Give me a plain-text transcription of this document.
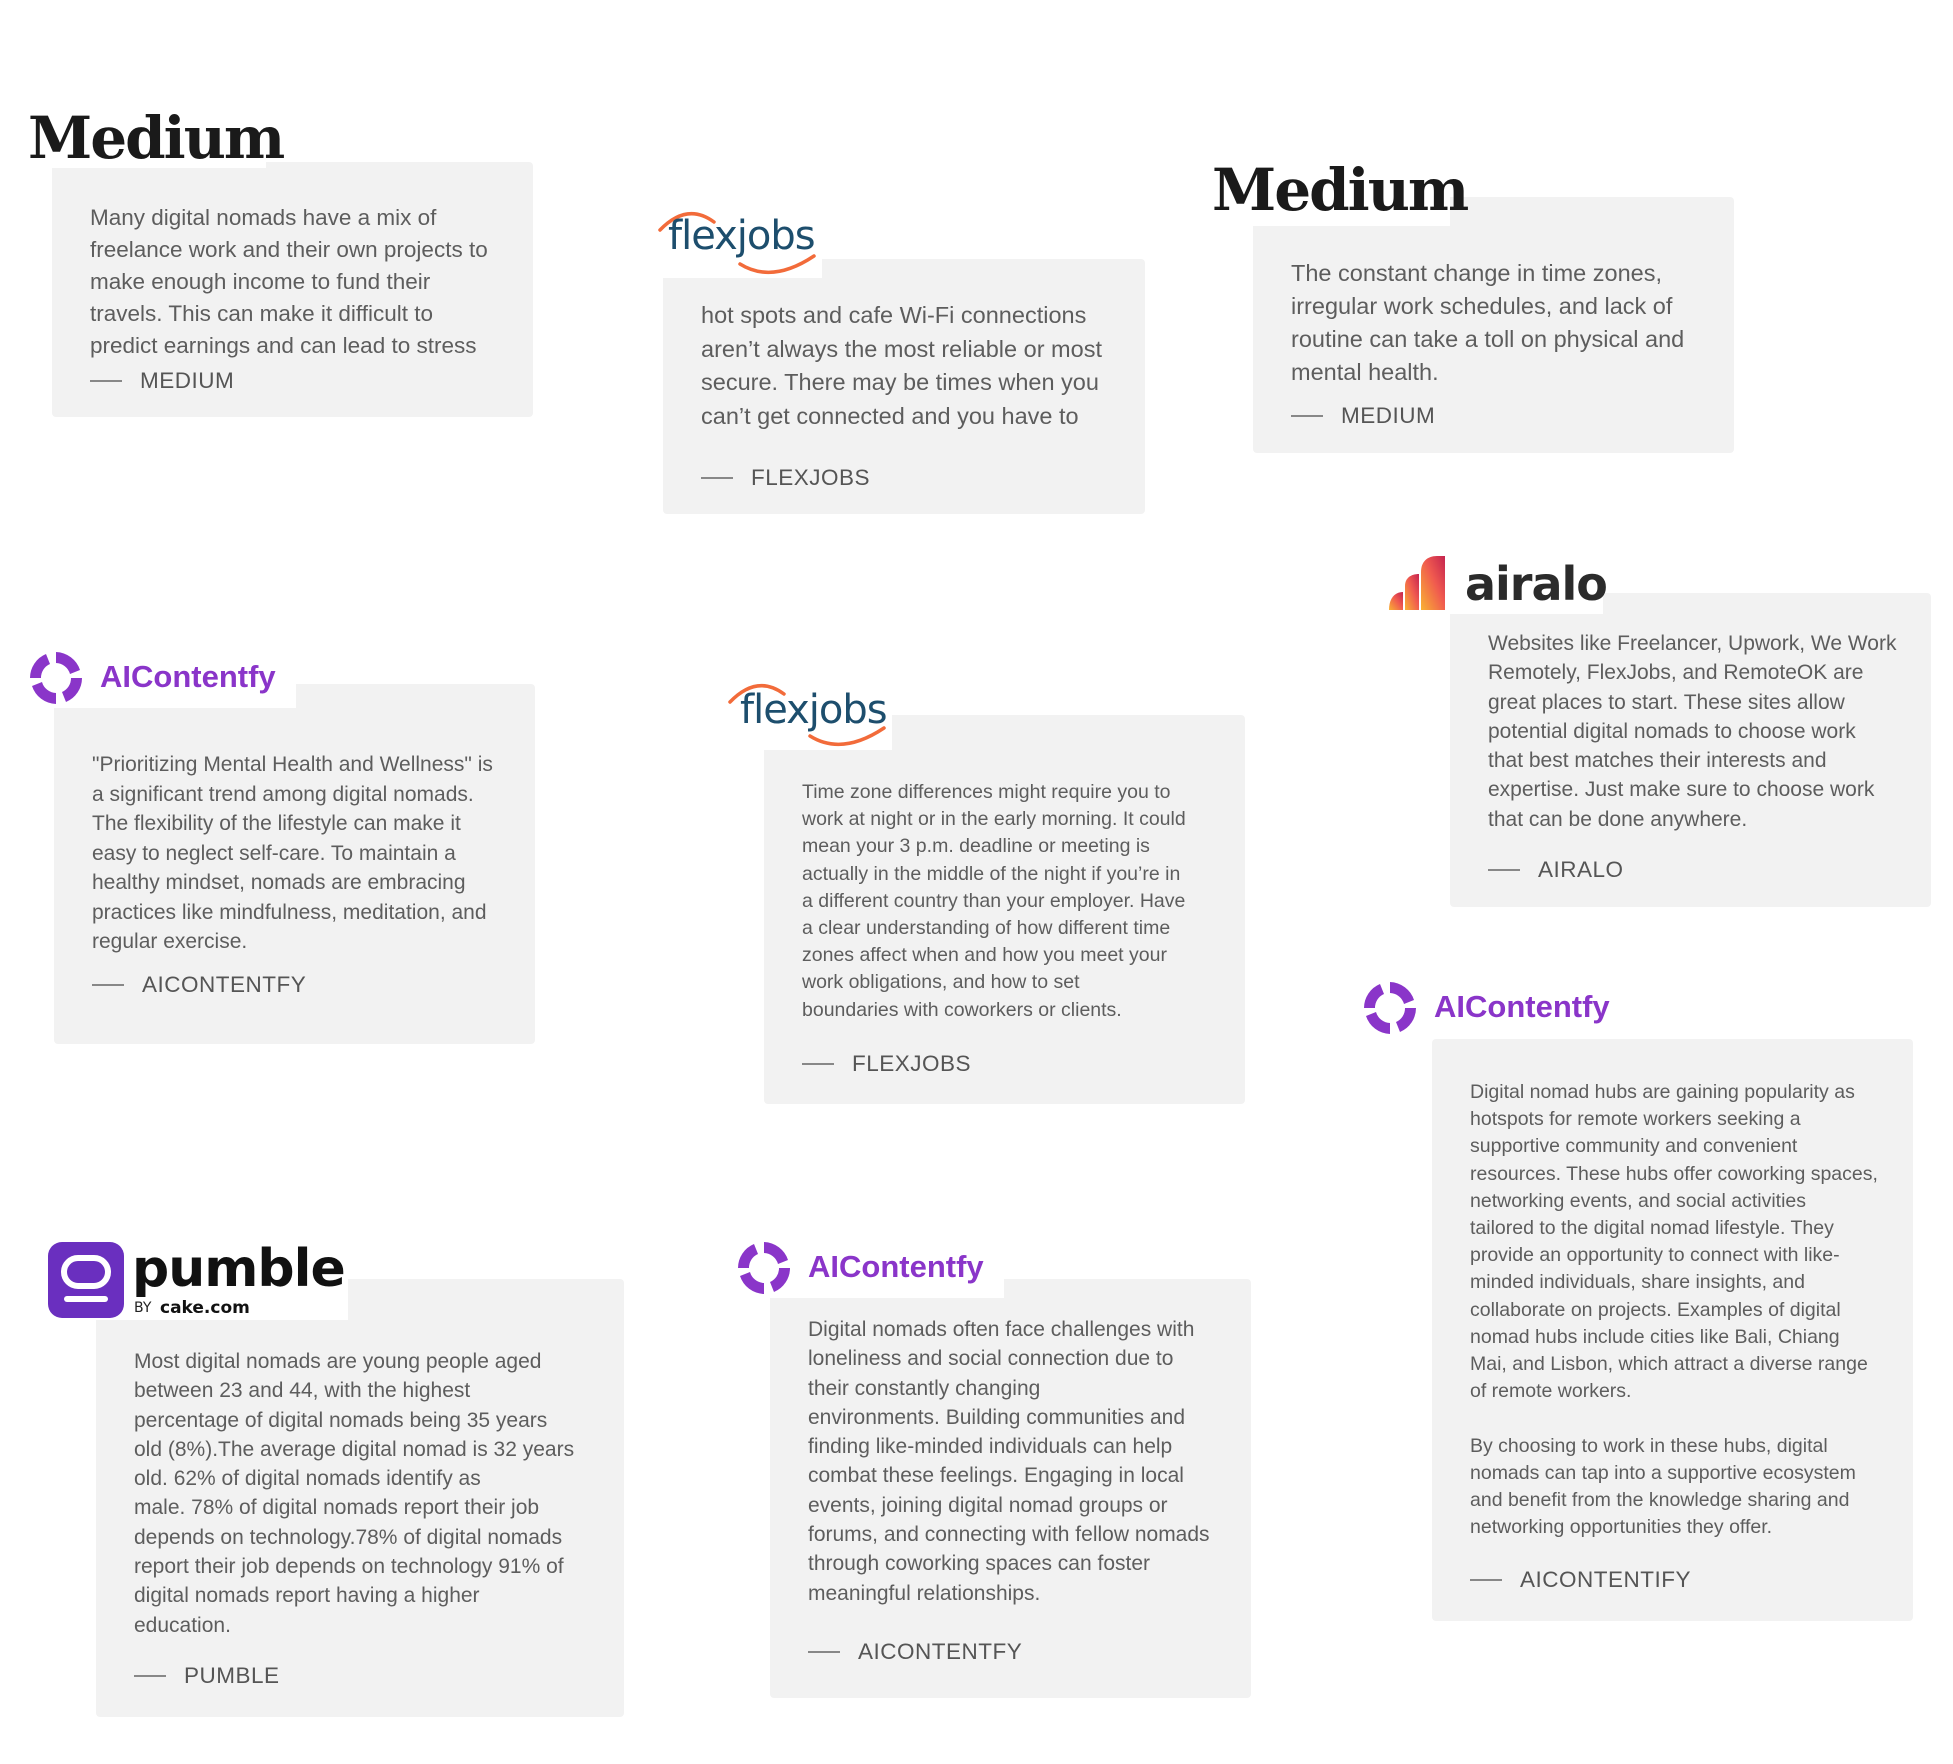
Many digital nomads have a mix of
freelance work and their own projects to
make enough income to fund their
travels. This can make it difficult to
predict earnings and can lead to stress

MEDIUM
Medium

hot spots and cafe Wi-Fi connections
aren’t always the most reliable or most
secure. There may be times when you
can’t get connected and you have to

FLEXJOBS
flexjobs

The constant change in time zones,
irregular work schedules, and lack of
routine can take a toll on physical and
mental health.

MEDIUM
Medium

Websites like Freelancer, Upwork, We Work
Remotely, FlexJobs, and RemoteOK are
great places to start. These sites allow
potential digital nomads to choose work
that best matches their interests and
expertise. Just make sure to choose work
that can be done anywhere.

AIRALO
airalo

"Prioritizing Mental Health and Wellness" is
a significant trend among digital nomads.
The flexibility of the lifestyle can make it
easy to neglect self-care. To maintain a
healthy mindset, nomads are embracing
practices like mindfulness, meditation, and
regular exercise.

AICONTENTFY
AIContentfy

Time zone differences might require you to
work at night or in the early morning. It could
mean your 3 p.m. deadline or meeting is
actually in the middle of the night if you’re in
a different country than your employer. Have
a clear understanding of how different time
zones affect when and how you meet your
work obligations, and how to set
boundaries with coworkers or clients.

FLEXJOBS
flexjobs

Digital nomad hubs are gaining popularity as
hotspots for remote workers seeking a
supportive community and convenient
resources. These hubs offer coworking spaces,
networking events, and social activities
tailored to the digital nomad lifestyle. They
provide an opportunity to connect with like-
minded individuals, share insights, and
collaborate on projects. Examples of digital
nomad hubs include cities like Bali, Chiang
Mai, and Lisbon, which attract a diverse range
of remote workers.

By choosing to work in these hubs, digital
nomads can tap into a supportive ecosystem
and benefit from the knowledge sharing and
networking opportunities they offer.

AICONTENTIFY
AIContentfy

Most digital nomads are young people aged
between 23 and 44, with the highest
percentage of digital nomads being 35 years
old (8%).The average digital nomad is 32 years
old. 62% of digital nomads identify as
male. 78% of digital nomads report their job
depends on technology.78% of digital nomads
report their job depends on technology 91% of
digital nomads report having a higher
education.

PUMBLE
pumble
BY cake.com

Digital nomads often face challenges with
loneliness and social connection due to
their constantly changing
environments. Building communities and
finding like-minded individuals can help
combat these feelings. Engaging in local
events, joining digital nomad groups or
forums, and connecting with fellow nomads
through coworking spaces can foster
meaningful relationships.

AICONTENTFY
AIContentfy
